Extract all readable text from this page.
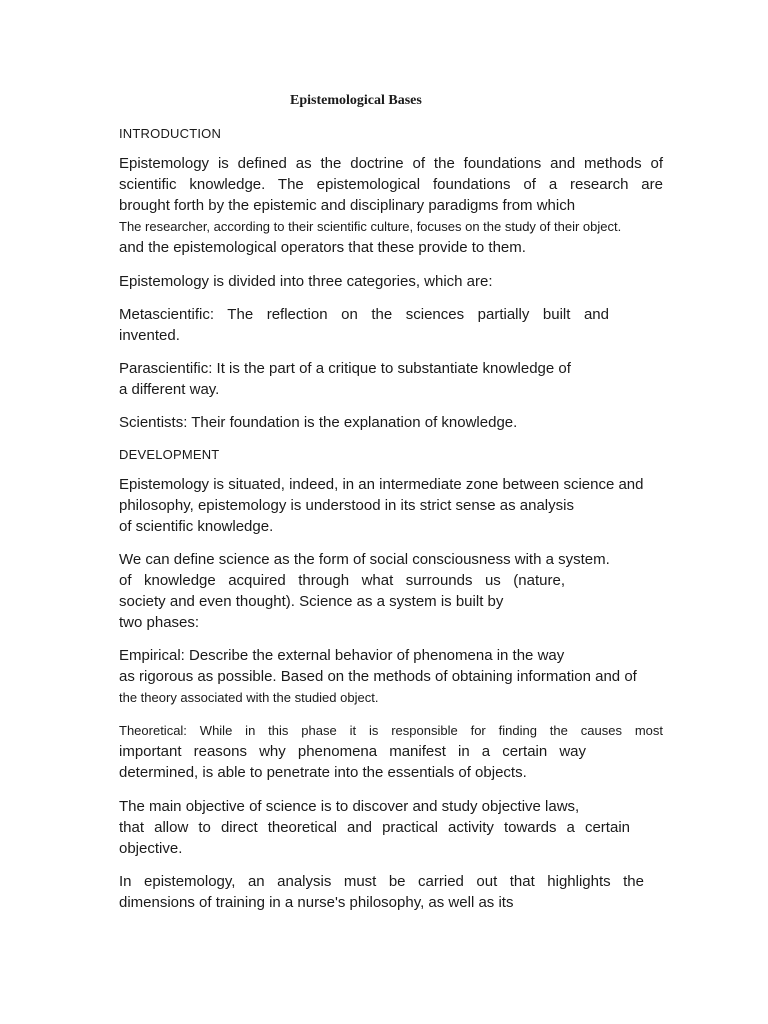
Epistemological Bases
INTRODUCTION
Epistemology is defined as the doctrine of the foundations and methods of
scientific knowledge. The epistemological foundations of a research are
brought forth by the epistemic and disciplinary paradigms from which
The researcher, according to their scientific culture, focuses on the study of their object.
and the epistemological operators that these provide to them.
Epistemology is divided into three categories, which are:
Metascientific: The reflection on the sciences partially built and
invented.
Parascientific: It is the part of a critique to substantiate knowledge of
a different way.
Scientists: Their foundation is the explanation of knowledge.
DEVELOPMENT
Epistemology is situated, indeed, in an intermediate zone between science and
philosophy, epistemology is understood in its strict sense as analysis
of scientific knowledge.
We can define science as the form of social consciousness with a system.
of knowledge acquired through what surrounds us (nature,
society and even thought). Science as a system is built by
two phases:
Empirical: Describe the external behavior of phenomena in the way
as rigorous as possible. Based on the methods of obtaining information and of
the theory associated with the studied object.
Theoretical: While in this phase it is responsible for finding the causes most
important reasons why phenomena manifest in a certain way
determined, is able to penetrate into the essentials of objects.
The main objective of science is to discover and study objective laws,
that allow to direct theoretical and practical activity towards a certain
objective.
In epistemology, an analysis must be carried out that highlights the
dimensions of training in a nurse's philosophy, as well as its
